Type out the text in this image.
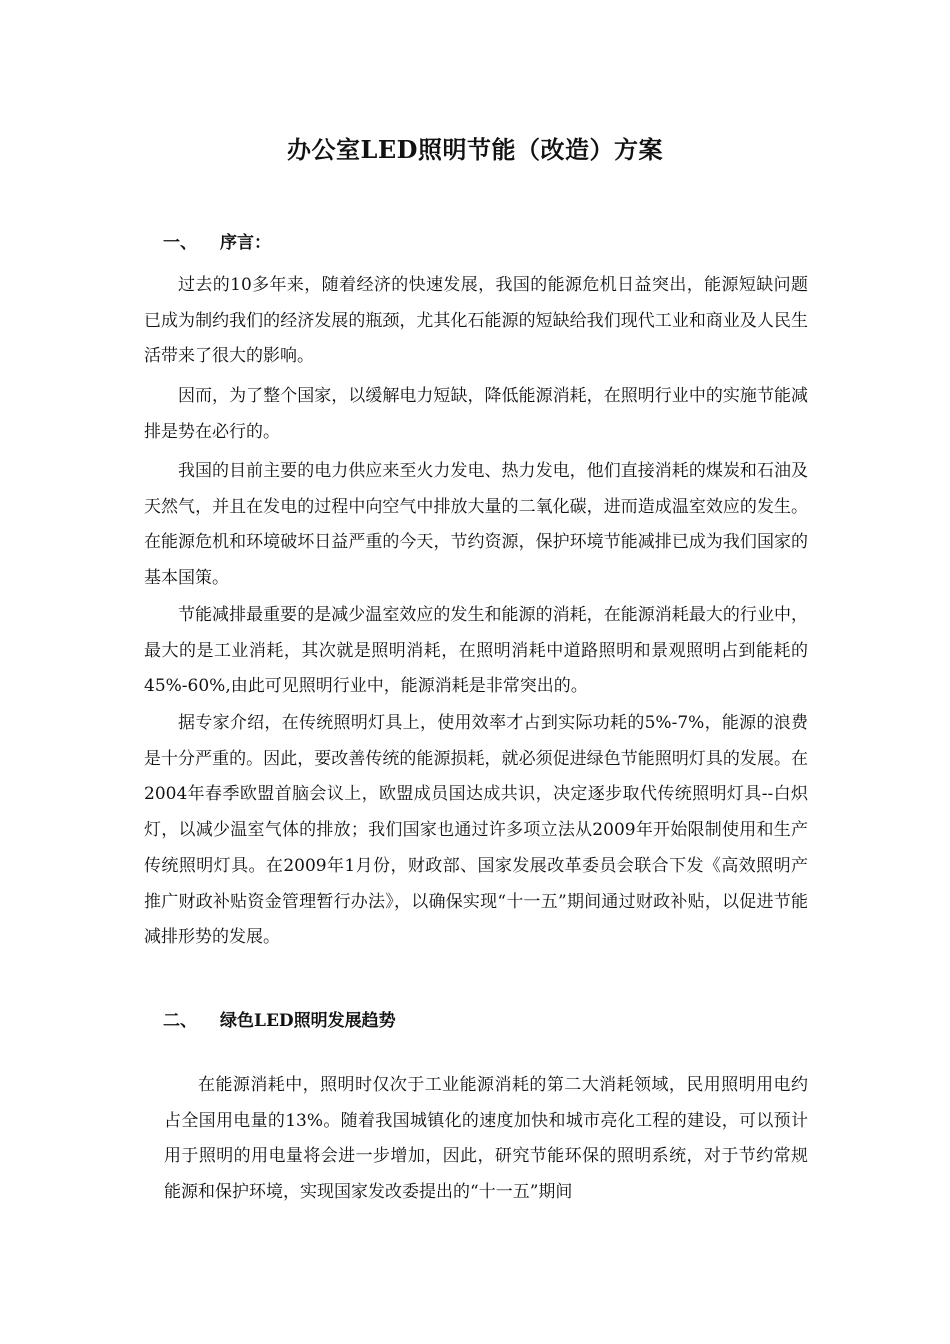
办公室LED照明节能（改造）方案
一、 序言：

过去的10多年来，随着经济的快速发展，我国的能源危机日益突出，能源短缺问题已成为制约我们的经济发展的瓶颈，尤其化石能源的短缺给我们现代工业和商业及人民生活带来了很大的影响。

因而，为了整个国家，以缓解电力短缺，降低能源消耗，在照明行业中的实施节能减排是势在必行的。

我国的目前主要的电力供应来至火力发电、热力发电，他们直接消耗的煤炭和石油及天然气，并且在发电的过程中向空气中排放大量的二氧化碳，进而造成温室效应的发生。在能源危机和环境破坏日益严重的今天，节约资源，保护环境节能减排已成为我们国家的基本国策。

节能减排最重要的是减少温室效应的发生和能源的消耗，在能源消耗最大的行业中，最大的是工业消耗，其次就是照明消耗，在照明消耗中道路照明和景观照明占到能耗的45%-60%,由此可见照明行业中，能源消耗是非常突出的。

据专家介绍，在传统照明灯具上，使用效率才占到实际功耗的5%-7%，能源的浪费是十分严重的。因此，要改善传统的能源损耗，就必须促进绿色节能照明灯具的发展。在2004年春季欧盟首脑会议上，欧盟成员国达成共识，决定逐步取代传统照明灯具--白炽灯，以减少温室气体的排放；我们国家也通过许多项立法从2009年开始限制使用和生产传统照明灯具。在2009年1月份，财政部、国家发展改革委员会联合下发《高效照明产推广财政补贴资金管理暂行办法》，以确保实现“十一五”期间通过财政补贴，以促进节能减排形势的发展。

二、 绿色LED照明发展趋势

在能源消耗中，照明时仅次于工业能源消耗的第二大消耗领域，民用照明用电约占全国用电量的13%。随着我国城镇化的速度加快和城市亮化工程的建设，可以预计用于照明的用电量将会进一步增加，因此，研究节能环保的照明系统，对于节约常规能源和保护环境，实现国家发改委提出的“十一五”期间
